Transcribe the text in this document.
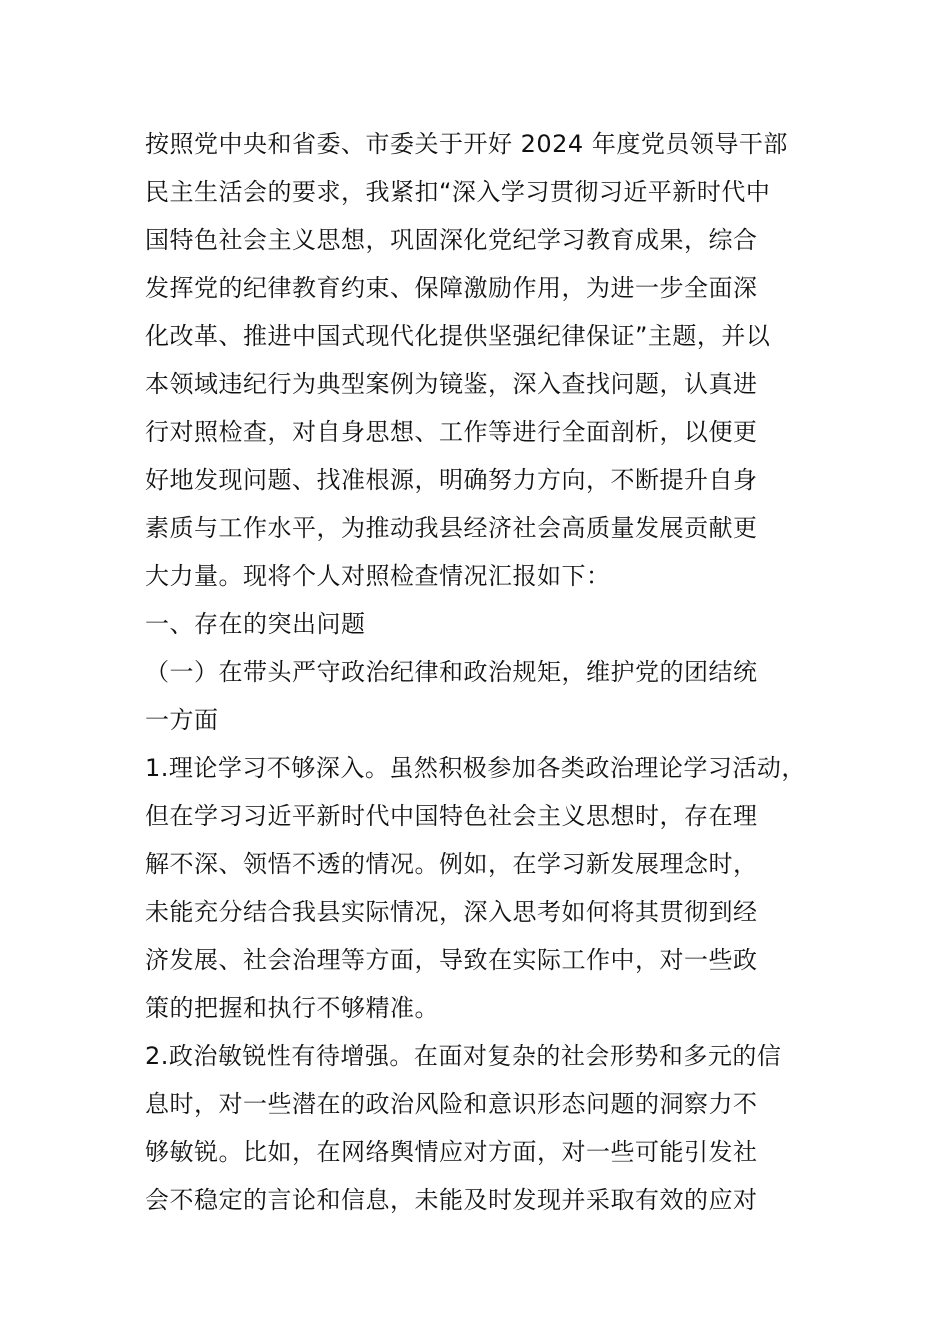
按照党中央和省委、市委关于开好 2024 年度党员领导干部
民主生活会的要求，我紧扣“深入学习贯彻习近平新时代中
国特色社会主义思想，巩固深化党纪学习教育成果，综合
发挥党的纪律教育约束、保障激励作用，为进一步全面深
化改革、推进中国式现代化提供坚强纪律保证”主题，并以
本领域违纪行为典型案例为镜鉴，深入查找问题，认真进
行对照检查，对自身思想、工作等进行全面剖析，以便更
好地发现问题、找准根源，明确努力方向，不断提升自身
素质与工作水平，为推动我县经济社会高质量发展贡献更
大力量。现将个人对照检查情况汇报如下：
一、存在的突出问题
（一）在带头严守政治纪律和政治规矩，维护党的团结统
一方面
1.理论学习不够深入。虽然积极参加各类政治理论学习活动，
但在学习习近平新时代中国特色社会主义思想时，存在理
解不深、领悟不透的情况。例如，在学习新发展理念时，
未能充分结合我县实际情况，深入思考如何将其贯彻到经
济发展、社会治理等方面，导致在实际工作中，对一些政
策的把握和执行不够精准。
2.政治敏锐性有待增强。在面对复杂的社会形势和多元的信
息时，对一些潜在的政治风险和意识形态问题的洞察力不
够敏锐。比如，在网络舆情应对方面，对一些可能引发社
会不稳定的言论和信息，未能及时发现并采取有效的应对
